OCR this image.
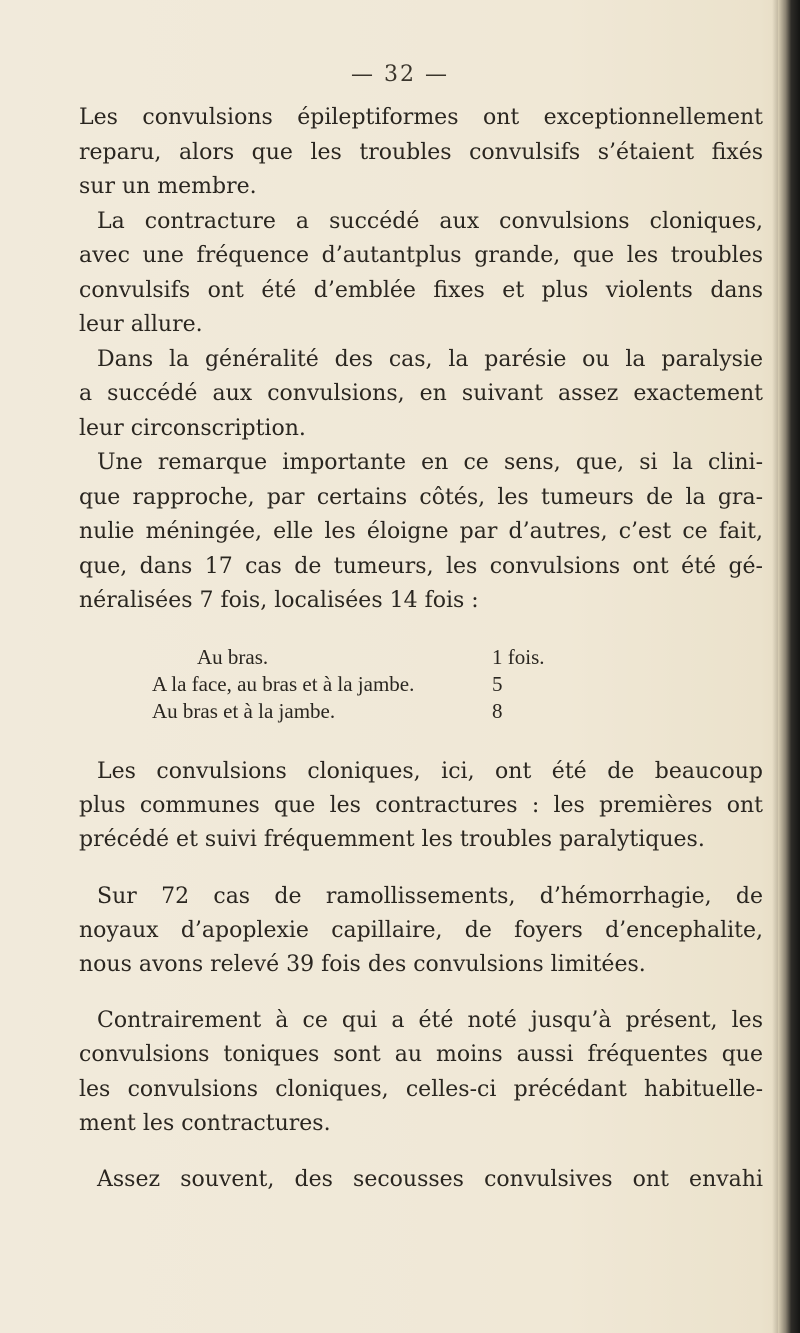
— 32 —

Les convulsions épileptiformes ont exceptionnellement
reparu, alors que les troubles convulsifs s’étaient fixés
sur un membre.

La contracture a succédé aux convulsions cloniques,
avec une fréquence d’autantplus grande, que les troubles
convulsifs ont été d’emblée fixes et plus violents dans
leur allure.

Dans la généralité des cas, la parésie ou la paralysie
a succédé aux convulsions, en suivant assez exactement
leur circonscription.

Une remarque importante en ce sens, que, si la clini-
que rapproche, par certains côtés, les tumeurs de la gra-
nulie méningée, elle les éloigne par d’autres, c’est ce fait,
que, dans 17 cas de tumeurs, les convulsions ont été gé-
néralisées 7 fois, localisées 14 fois :

Au bras.	1 fois.
A la face, au bras et à la jambe.	5
Au bras et à la jambe.	8

Les convulsions cloniques, ici, ont été de beaucoup
plus communes que les contractures : les premières ont
précédé et suivi fréquemment les troubles paralytiques.

Sur 72 cas de ramollissements, d’hémorrhagie, de
noyaux d’apoplexie capillaire, de foyers d’encephalite,
nous avons relevé 39 fois des convulsions limitées.

Contrairement à ce qui a été noté jusqu’à présent, les
convulsions toniques sont au moins aussi fréquentes que
les convulsions cloniques, celles-ci précédant habituelle-
ment les contractures.

Assez souvent, des secousses convulsives ont envahi
